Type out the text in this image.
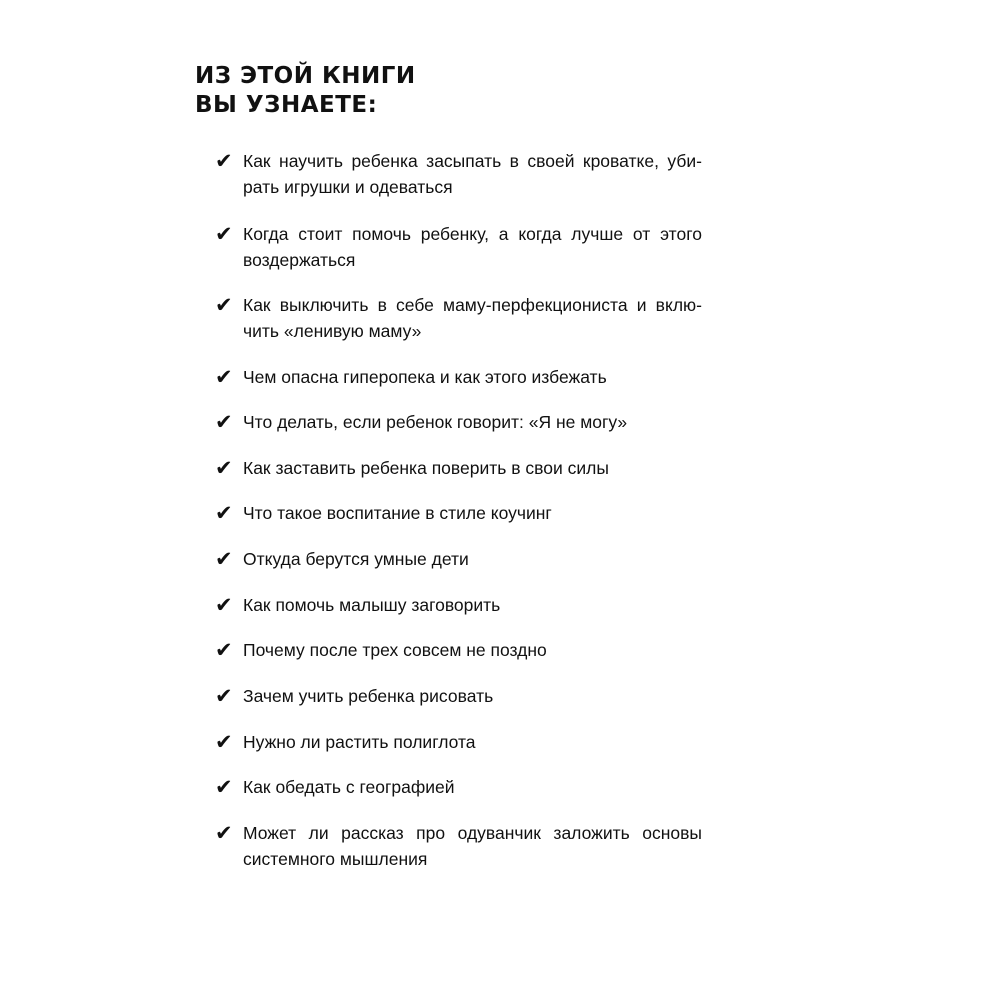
ИЗ ЭТОЙ КНИГИ
ВЫ УЗНАЕТЕ:
✔ Как научить ребенка засыпать в своей кроватке, уби-
рать игрушки и одеваться
✔ Когда стоит помочь ребенку, а когда лучше от этого
воздержаться
✔ Как выключить в себе маму-перфекциониста и вклю-
чить «ленивую маму»
✔ Чем опасна гиперопека и как этого избежать
✔ Что делать, если ребенок говорит: «Я не могу»
✔ Как заставить ребенка поверить в свои силы
✔ Что такое воспитание в стиле коучинг
✔ Откуда берутся умные дети
✔ Как помочь малышу заговорить
✔ Почему после трех совсем не поздно
✔ Зачем учить ребенка рисовать
✔ Нужно ли растить полиглота
✔ Как обедать с географией
✔ Может ли рассказ про одуванчик заложить основы
системного мышления
